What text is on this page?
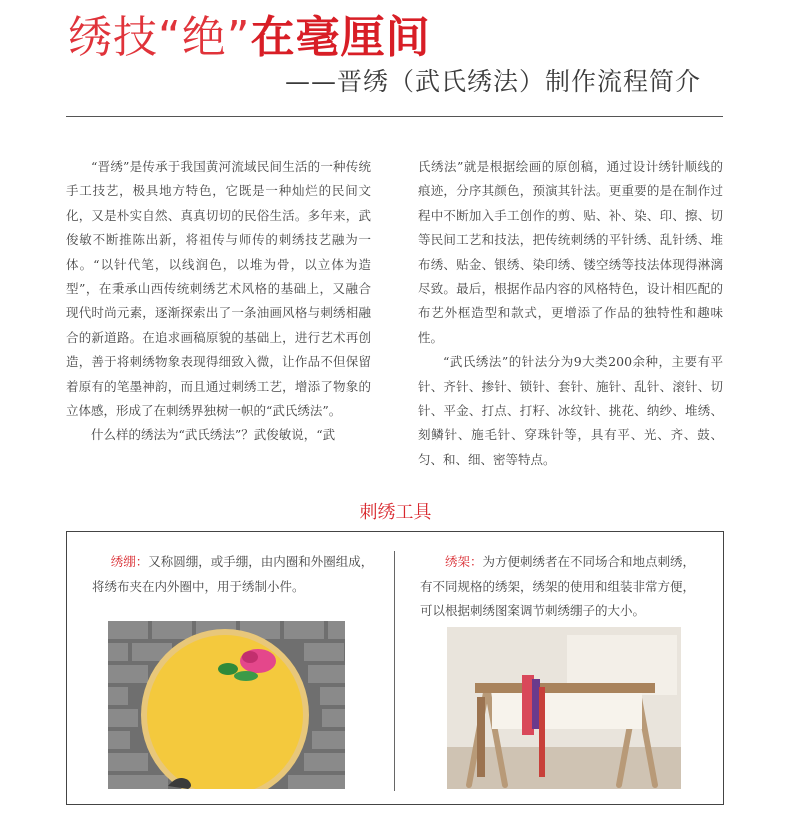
绣技“绝”在毫厘间
——晋绣（武氏绣法）制作流程简介

“晋绣”是传承于我国黄河流域民间生活的一种传统手工技艺，极具地方特色，它既是一种灿烂的民间文化，又是朴实自然、真真切切的民俗生活。多年来，武俊敏不断推陈出新，将祖传与师传的刺绣技艺融为一体。“以针代笔，以线润色，以堆为骨，以立体为造型”，在秉承山西传统刺绣艺术风格的基础上，又融合现代时尚元素，逐渐探索出了一条油画风格与刺绣相融合的新道路。在追求画稿原貌的基础上，进行艺术再创造，善于将刺绣物象表现得细致入微，让作品不但保留着原有的笔墨神韵，而且通过刺绣工艺，增添了物象的立体感，形成了在刺绣界独树一帜的“武氏绣法”。

什么样的绣法为“武氏绣法”？武俊敏说，“武

氏绣法”就是根据绘画的原创稿，通过设计绣针顺线的痕迹，分序其颜色，预演其针法。更重要的是在制作过程中不断加入手工创作的剪、贴、补、染、印、擦、切等民间工艺和技法，把传统刺绣的平针绣、乱针绣、堆布绣、贴金、银绣、染印绣、镂空绣等技法体现得淋漓尽致。最后，根据作品内容的风格特色，设计相匹配的布艺外框造型和款式，更增添了作品的独特性和趣味性。

“武氏绣法”的针法分为9大类200余种，主要有平针、齐针、掺针、锁针、套针、施针、乱针、滚针、切针、平金、打点、打籽、冰纹针、挑花、纳纱、堆绣、刻鳞针、施毛针、穿珠针等，具有平、光、齐、鼓、匀、和、细、密等特点。

刺绣工具
绣绷：又称圆绷，或手绷，由内圈和外圈组成，将绣布夹在内外圈中，用于绣制小件。
绣架：为方便刺绣者在不同场合和地点刺绣，有不同规格的绣架，绣架的使用和组装非常方便，可以根据刺绣图案调节刺绣绷子的大小。
